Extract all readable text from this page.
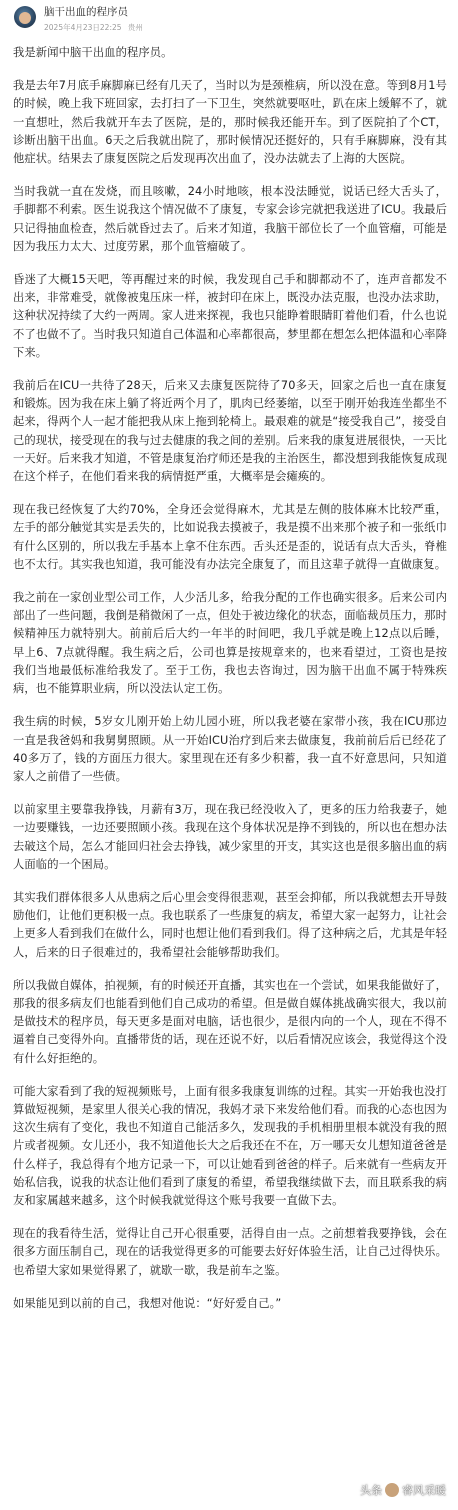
脑干出血的程序员
2025年4月23日22:25 贵州

我是新闻中脑干出血的程序员。

我是去年7月底手麻脚麻已经有几天了，当时以为是颈椎病，所以没在意。等到8月1号的时候，晚上我下班回家，去打扫了一下卫生，突然就要呕吐，趴在床上缓解不了，就一直想吐，然后我就开车去了医院，是的，那时候我还能开车。到了医院拍了个CT，诊断出脑干出血。6天之后我就出院了，那时候情况还挺好的，只有手麻脚麻，没有其他症状。结果去了康复医院之后发现再次出血了，没办法就去了上海的大医院。

当时我就一直在发烧，而且咳嗽，24小时地咳，根本没法睡觉，说话已经大舌头了，手脚都不利索。医生说我这个情况做不了康复，专家会诊完就把我送进了ICU。我最后只记得抽血检查，然后就昏过去了。后来才知道，我脑干部位长了一个血管瘤，可能是因为我压力太大、过度劳累，那个血管瘤破了。

昏迷了大概15天吧，等再醒过来的时候，我发现自己手和脚都动不了，连声音都发不出来，非常难受，就像被鬼压床一样，被封印在床上，既没办法克服，也没办法求助，这种状况持续了大约一两周。家人进来探视，我也只能睁着眼睛盯着他们看，什么也说不了也做不了。当时我只知道自己体温和心率都很高，梦里都在想怎么把体温和心率降下来。

我前后在ICU一共待了28天，后来又去康复医院待了70多天，回家之后也一直在康复和锻炼。因为我在床上躺了将近两个月了，肌肉已经萎缩，以至于刚开始我连坐都坐不起来，得两个人一起才能把我从床上拖到轮椅上。最艰难的就是“接受我自己”，接受自己的现状，接受现在的我与过去健康的我之间的差别。后来我的康复进展很快，一天比一天好。后来我才知道，不管是康复治疗师还是我的主治医生，都没想到我能恢复成现在这个样子，在他们看来我的病情挺严重，大概率是会瘫痪的。

现在我已经恢复了大约70%，全身还会觉得麻木，尤其是左侧的肢体麻木比较严重，左手的部分触觉其实是丢失的，比如说我去摸被子，我是摸不出来那个被子和一张纸巾有什么区别的，所以我左手基本上拿不住东西。舌头还是歪的，说话有点大舌头，脊椎也不太行。其实我也知道，我可能没有办法完全康复了，而且这辈子就得一直做康复。

我之前在一家创业型公司工作，人少活儿多，给我分配的工作也确实很多。后来公司内部出了一些问题，我倒是稍微闲了一点，但处于被边缘化的状态，面临裁员压力，那时候精神压力就特别大。前前后后大约一年半的时间吧，我几乎就是晚上12点以后睡，早上6、7点就得醒。我生病之后，公司也算是按规章来的，也来看望过，工资也是按我们当地最低标准给我发了。至于工伤，我也去咨询过，因为脑干出血不属于特殊疾病，也不能算职业病，所以没法认定工伤。

我生病的时候，5岁女儿刚开始上幼儿园小班，所以我老婆在家带小孩，我在ICU那边一直是我爸妈和我舅舅照顾。从一开始ICU治疗到后来去做康复，我前前后后已经花了40多万了，钱的方面压力很大。家里现在还有多少积蓄，我一直不好意思问，只知道家人之前借了一些债。

以前家里主要靠我挣钱，月薪有3万，现在我已经没收入了，更多的压力给我妻子，她一边要赚钱，一边还要照顾小孩。我现在这个身体状况是挣不到钱的，所以也在想办法去破这个局，怎么才能回归社会去挣钱，减少家里的开支，其实这也是很多脑出血的病人面临的一个困局。

其实我们群体很多人从患病之后心里会变得很悲观，甚至会抑郁，所以我就想去开导鼓励他们，让他们更积极一点。我也联系了一些康复的病友，希望大家一起努力，让社会上更多人看到我们在做什么，同时也想让他们看到我们。得了这种病之后，尤其是年轻人，后来的日子很难过的，我希望社会能够帮助我们。

所以我做自媒体，拍视频，有的时候还开直播，其实也在一个尝试，如果我能做好了，那我的很多病友们也能看到他们自己成功的希望。但是做自媒体挑战确实很大，我以前是做技术的程序员，每天更多是面对电脑，话也很少，是很内向的一个人，现在不得不逼着自己变得外向。直播带货的话，现在还说不好，以后看情况应该会，我觉得这个没有什么好拒绝的。

可能大家看到了我的短视频账号，上面有很多我康复训练的过程。其实一开始我也没打算做短视频，是家里人很关心我的情况，我妈才录下来发给他们看。而我的心态也因为这次生病有了变化，我也不知道自己能活多久，发现我的手机相册里根本就没有我的照片或者视频。女儿还小，我不知道他长大之后我还在不在，万一哪天女儿想知道爸爸是什么样子，我总得有个地方记录一下，可以让她看到爸爸的样子。后来就有一些病友开始私信我，说我的状态让他们看到了康复的希望，希望我继续做下去，而且联系我的病友和家属越来越多，这个时候我就觉得这个账号我要一直做下去。

现在的我看待生活，觉得让自己开心很重要，活得自由一点。之前想着我要挣钱，会在很多方面压制自己，现在的话我觉得更多的可能要去好好体验生活，让自己过得快乐。也希望大家如果觉得累了，就歇一歇，我是前车之鉴。

如果能见到以前的自己，我想对他说：“好好爱自己。”

头条 睿风采暖
